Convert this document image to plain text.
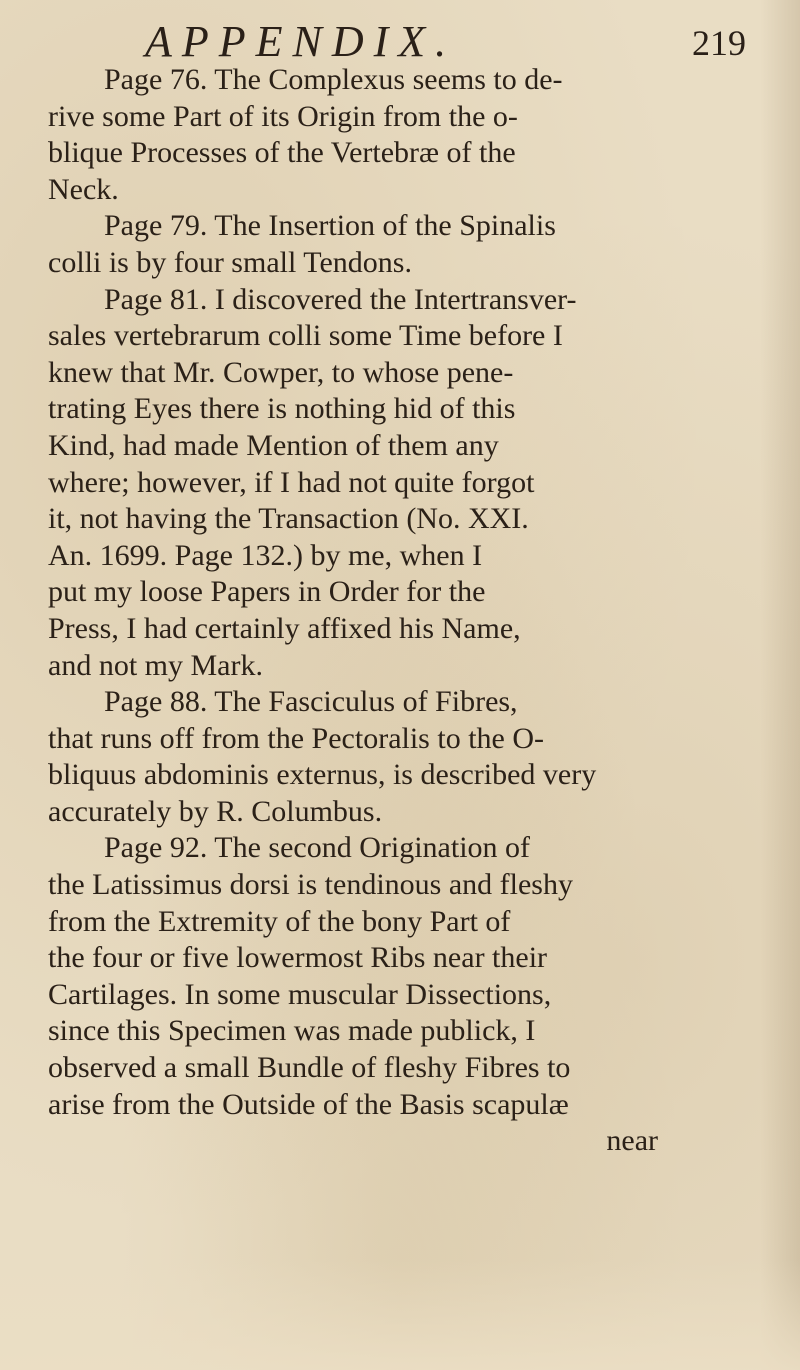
APPENDIX.	219
Page 76. The Complexus seems to de-
rive some Part of its Origin from the o-
blique Processes of the Vertebræ of the
Neck.
Page 79. The Insertion of the Spinalis
colli is by four small Tendons.
Page 81. I discovered the Intertransver-
sales vertebrarum colli some Time before I
knew that Mr. Cowper, to whose pene-
trating Eyes there is nothing hid of this
Kind, had made Mention of them any
where; however, if I had not quite forgot
it, not having the Transaction (No. XXI.
An. 1699. Page 132.) by me, when I
put my loose Papers in Order for the
Press, I had certainly affixed his Name,
and not my Mark.
Page 88. The Fasciculus of Fibres,
that runs off from the Pectoralis to the O-
bliquus abdominis externus, is described very
accurately by R. Columbus.
Page 92. The second Origination of
the Latissimus dorsi is tendinous and fleshy
from the Extremity of the bony Part of
the four or five lowermost Ribs near their
Cartilages. In some muscular Dissections,
since this Specimen was made publick, I
observed a small Bundle of fleshy Fibres to
arise from the Outside of the Basis scapulæ
near
